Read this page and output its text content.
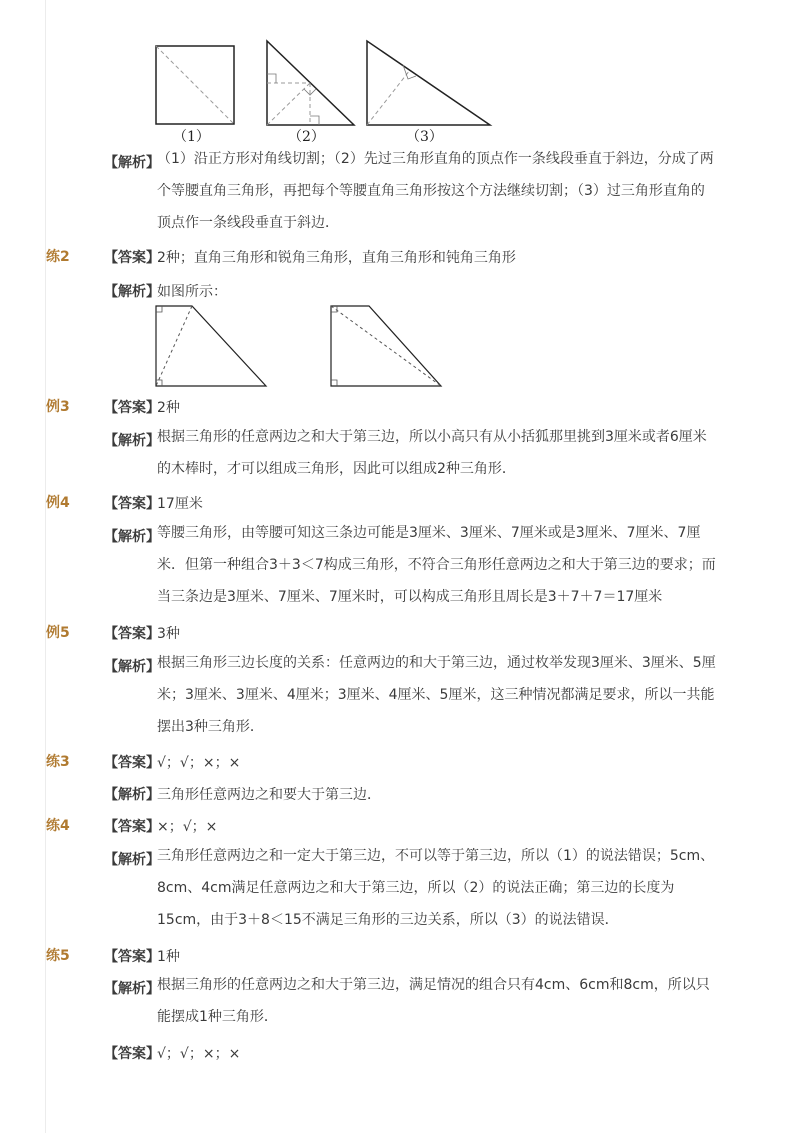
（1）	（2）	（3）
【解析】
（1）沿正方形对角线切割；（2）先过三角形直角的顶点作一条线段垂直于斜边，分成了两个等腰直角三角形，再把每个等腰直角三角形按这个方法继续切割；（3）过三角形直角的顶点作一条线段垂直于斜边．
练2 【答案】
2种；直角三角形和锐角三角形，直角三角形和钝角三角形
【解析】
如图所示：
例3 【答案】
2种
【解析】
根据三角形的任意两边之和大于第三边，所以小高只有从小括狐那里挑到3厘米或者6厘米的木棒时，才可以组成三角形，因此可以组成2种三角形．
例4 【答案】
17厘米
【解析】
等腰三角形，由等腰可知这三条边可能是3厘米、3厘米、7厘米或是3厘米、7厘米、7厘米．但第一种组合3＋3＜7构成三角形，不符合三角形任意两边之和大于第三边的要求；而当三条边是3厘米、7厘米、7厘米时，可以构成三角形且周长是3＋7＋7＝17厘米
例5 【答案】
3种
【解析】
根据三角形三边长度的关系：任意两边的和大于第三边，通过枚举发现3厘米、3厘米、5厘米；3厘米、3厘米、4厘米；3厘米、4厘米、5厘米，这三种情况都满足要求，所以一共能摆出3种三角形．
练3 【答案】
√；√；×；×
【解析】
三角形任意两边之和要大于第三边．
练4 【答案】
×；√；×
【解析】
三角形任意两边之和一定大于第三边，不可以等于第三边，所以（1）的说法错误；5cm、8cm、4cm满足任意两边之和大于第三边，所以（2）的说法正确；第三边的长度为15cm，由于3＋8＜15不满足三角形的三边关系，所以（3）的说法错误．
练5 【答案】
1种
【解析】
根据三角形的任意两边之和大于第三边，满足情况的组合只有4cm、6cm和8cm，所以只能摆成1种三角形．
【答案】
√；√；×；×
